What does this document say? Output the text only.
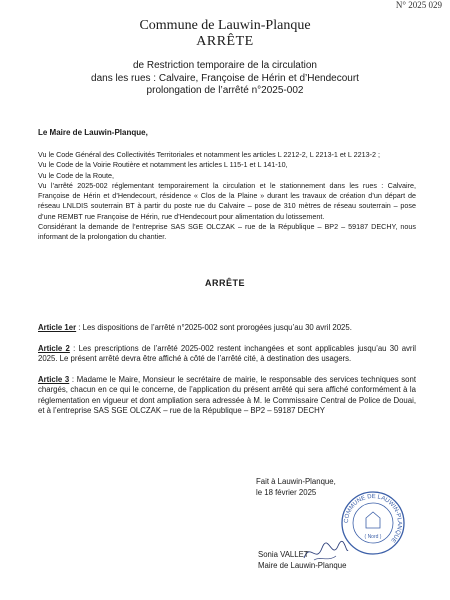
N° 2025 029
Commune de Lauwin-Planque
ARRÊTE
de Restriction temporaire de la circulation
dans les rues : Calvaire, Françoise de Hérin et d’Hendecourt
prolongation de l’arrêté n°2025-002
Le Maire de Lauwin-Planque,

Vu le Code Général des Collectivités Territoriales et notamment les articles L 2212-2, L 2213-1 et L 2213-2 ;

Vu le Code de la Voirie Routière et notamment les articles L 115-1 et L 141-10,

Vu le Code de la Route,

Vu l’arrêté 2025-002 réglementant temporairement la circulation et le stationnement dans les rues : Calvaire, Françoise de Hérin et d’Hendecourt, résidence « Clos de la Plaine » durant les travaux de création d’un départ de réseau LNLDIS souterrain BT à partir du poste rue du Calvaire – pose de 310 mètres de réseau souterrain – pose d’une REMBT rue Françoise de Hérin, rue d’Hendecourt pour alimentation du lotissement.

Considérant la demande de l’entreprise SAS SGE OLCZAK – rue de la République – BP2 – 59187 DECHY, nous informant de la prolongation du chantier.

ARRÊTE

Article 1er : Les dispositions de l’arrêté n°2025-002 sont prorogées jusqu’au 30 avril 2025.

Article 2 : Les prescriptions de l’arrêté 2025-002 restent inchangées et sont applicables jusqu’au 30 avril 2025. Le présent arrêté devra être affiché à côté de l’arrêté cité, à destination des usagers.

Article 3 : Madame le Maire, Monsieur le secrétaire de mairie, le responsable des services techniques sont chargés, chacun en ce qui le concerne, de l’application du présent arrêté qui sera affiché conformément à la réglementation en vigueur et dont ampliation sera adressée à M. le Commissaire Central de Police de Douai, et à l’entreprise SAS SGE OLCZAK – rue de la République – BP2 – 59187 DECHY

Fait à Lauwin-Planque,
le 18 février 2025
Sonia VALLET
Maire de Lauwin-Planque
COMMUNE DE LAUWIN-PLANQUE
( Nord )
